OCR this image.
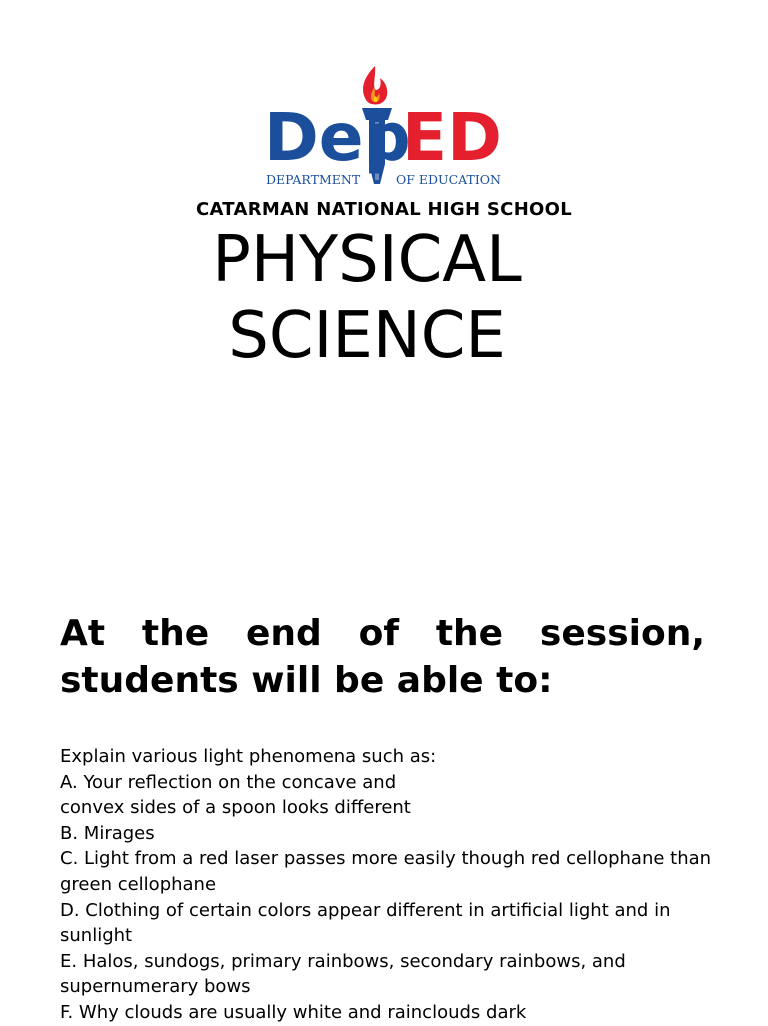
Dep
ED
DEPARTMENT	OF EDUCATION
CATARMAN NATIONAL HIGH SCHOOL
PHYSICAL
SCIENCE
At the end of the session,
students will be able to:
Explain various light phenomena such as:
A. Your reflection on the concave and
convex sides of a spoon looks different
B. Mirages
C. Light from a red laser passes more easily though red cellophane than green cellophane
D. Clothing of certain colors appear different in artificial light and in sunlight
E. Halos, sundogs, primary rainbows, secondary rainbows, and supernumerary bows
F. Why clouds are usually white and rainclouds dark
